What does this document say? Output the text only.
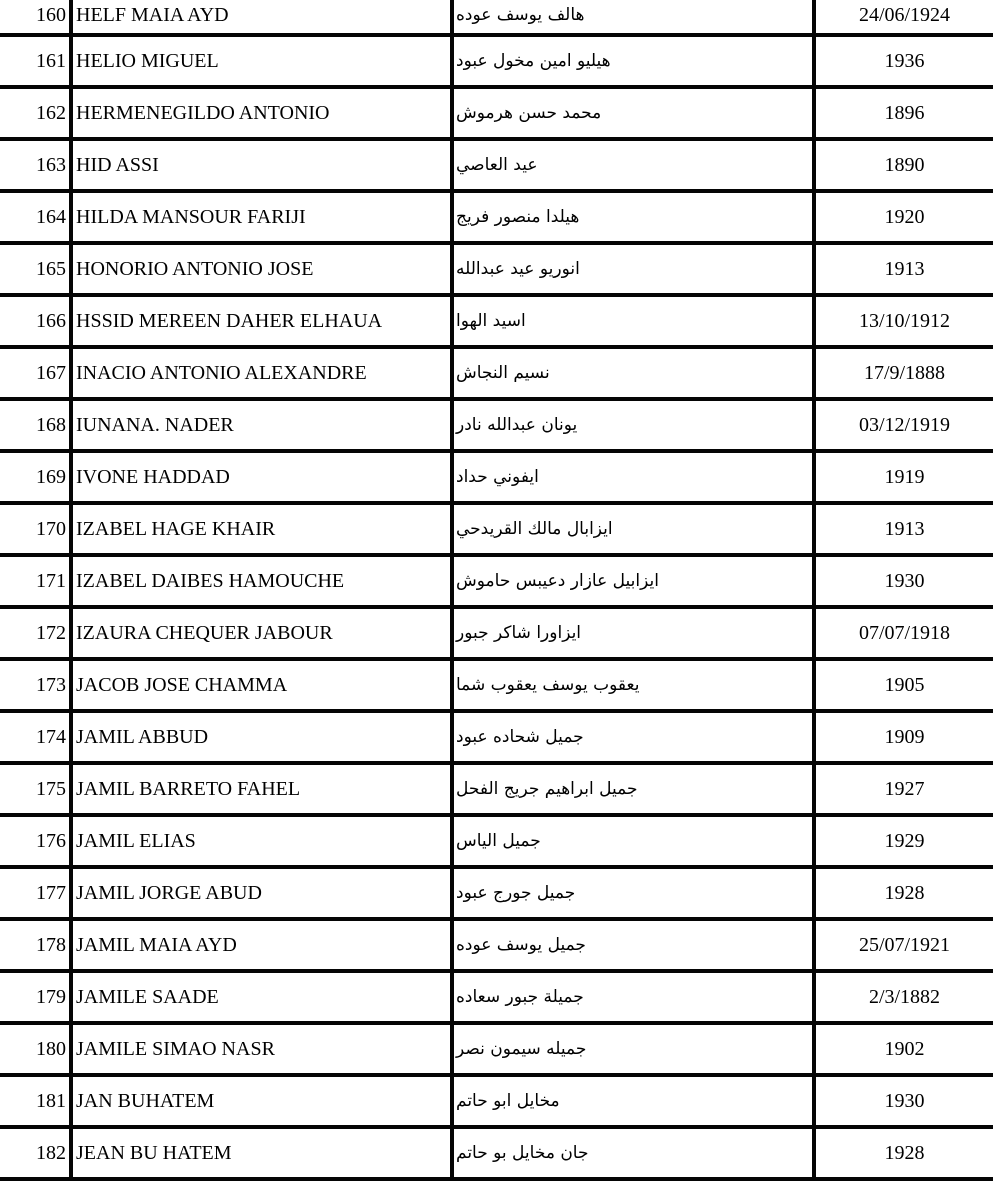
160 HELF MAIA AYD	هالف يوسف عوده	24/06/1924
161 HELIO MIGUEL	هيليو امين مخول عبود	1936
162 HERMENEGILDO ANTONIO	محمد حسن هرموش	1896
163 HID ASSI	عيد العاصي	1890
164 HILDA MANSOUR FARIJI	هيلدا منصور فريج	1920
165 HONORIO ANTONIO JOSE	انوريو عيد عبدالله	1913
166 HSSID MEREEN DAHER ELHAUA	اسيد الهوا	13/10/1912
167 INACIO ANTONIO ALEXANDRE	نسيم النجاش	17/9/1888
168 IUNANA. NADER	يونان عبدالله نادر	03/12/1919
169 IVONE HADDAD	ايفوني حداد	1919
170 IZABEL HAGE KHAIR	ايزابال مالك القريدحي	1913
171 IZABEL DAIBES HAMOUCHE	ايزابيل عازار دعيبس حاموش	1930
172 IZAURA CHEQUER JABOUR	ايزاورا شاكر جبور	07/07/1918
173 JACOB JOSE CHAMMA	يعقوب يوسف يعقوب شما	1905
174 JAMIL ABBUD	جميل شحاده عبود	1909
175 JAMIL BARRETO FAHEL	جميل ابراهيم جريج الفحل	1927
176 JAMIL ELIAS	جميل الياس	1929
177 JAMIL JORGE ABUD	جميل جورج عبود	1928
178 JAMIL MAIA AYD	جميل يوسف عوده	25/07/1921
179 JAMILE SAADE	جميلة جبور سعاده	2/3/1882
180 JAMILE SIMAO NASR	جميله سيمون نصر	1902
181 JAN BUHATEM	مخايل ابو حاتم	1930
182 JEAN BU HATEM	جان مخايل بو حاتم	1928
